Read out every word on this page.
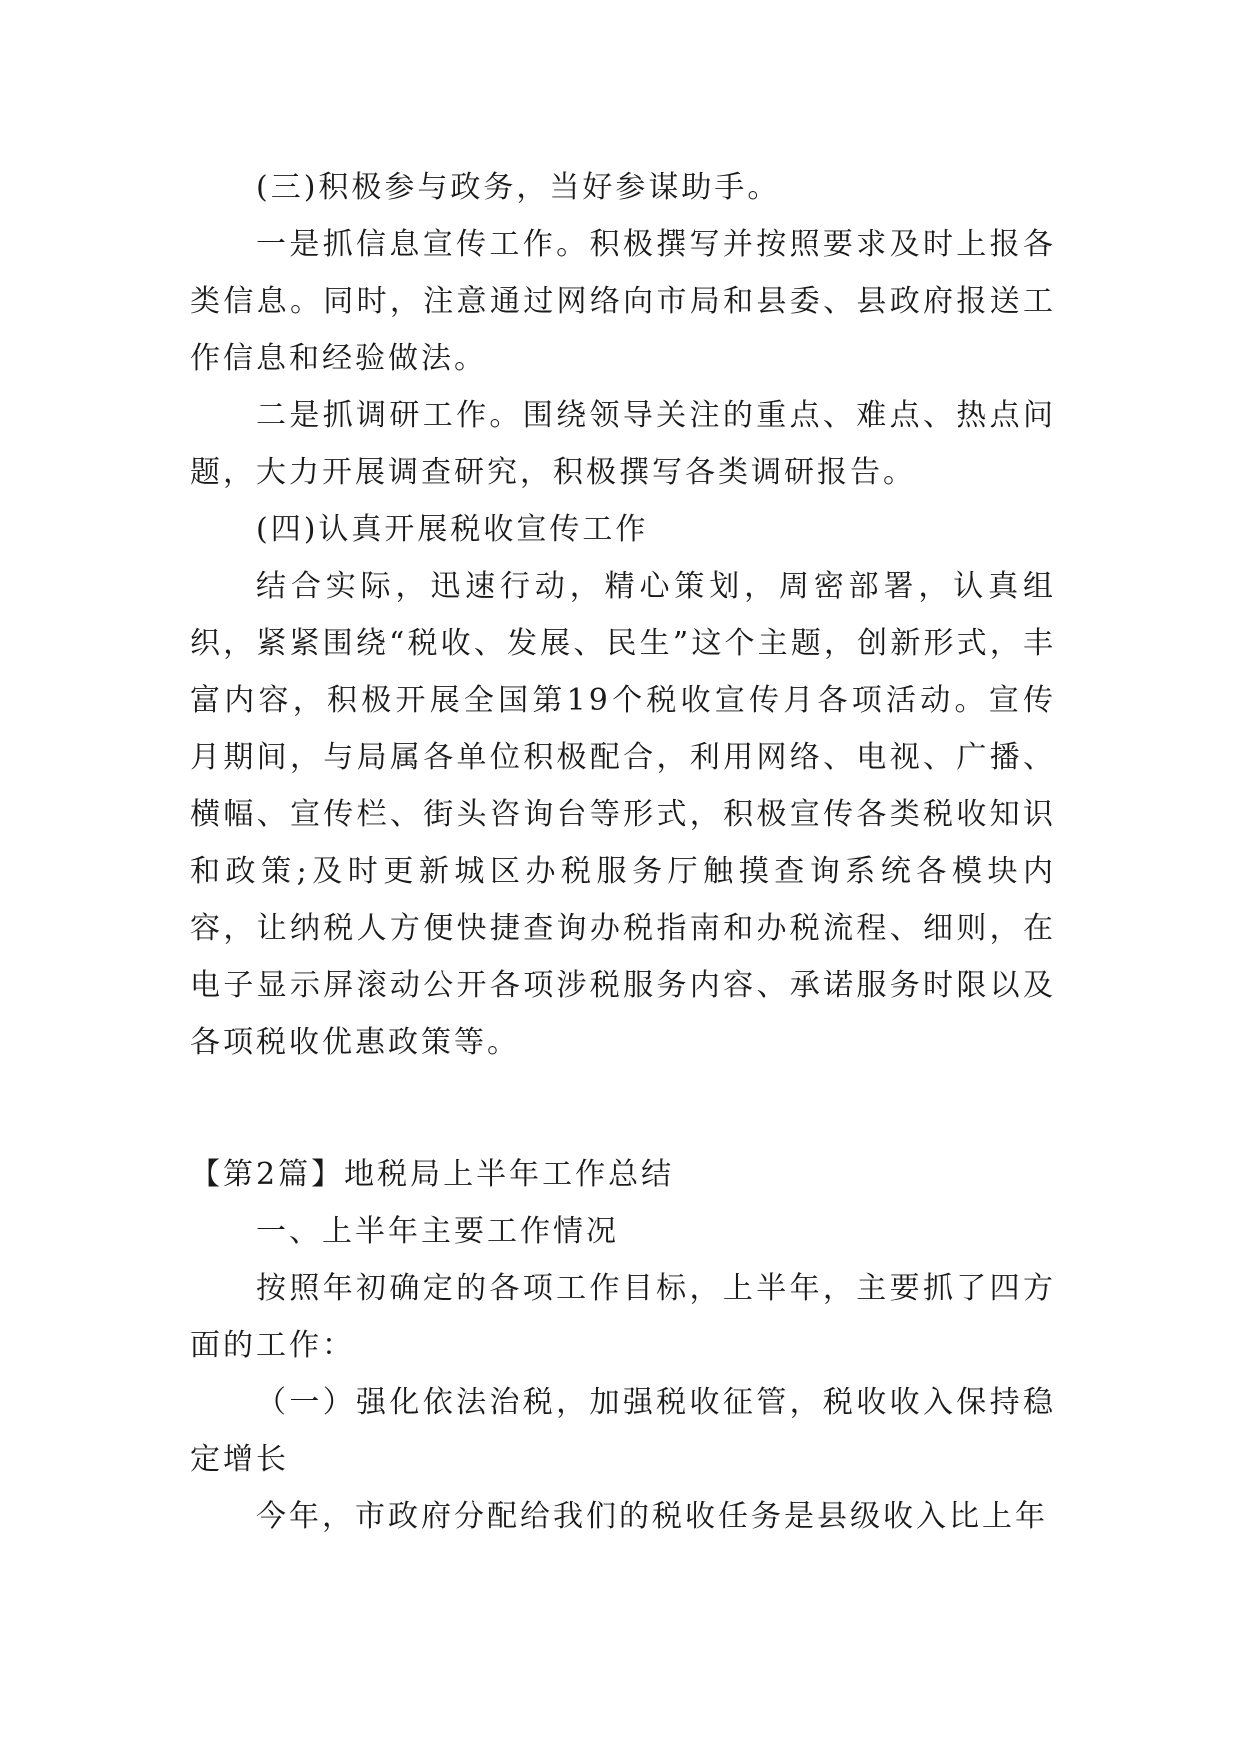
(三)积极参与政务，当好参谋助手。

一是抓信息宣传工作。积极撰写并按照要求及时上报各类信息。同时，注意通过网络向市局和县委、县政府报送工作信息和经验做法。

二是抓调研工作。围绕领导关注的重点、难点、热点问题，大力开展调查研究，积极撰写各类调研报告。

(四)认真开展税收宣传工作

结合实际，迅速行动，精心策划，周密部署，认真组织，紧紧围绕“税收、发展、民生”这个主题，创新形式，丰富内容，积极开展全国第19个税收宣传月各项活动。宣传月期间，与局属各单位积极配合，利用网络、电视、广播、横幅、宣传栏、街头咨询台等形式，积极宣传各类税收知识和政策;及时更新城区办税服务厅触摸查询系统各模块内容，让纳税人方便快捷查询办税指南和办税流程、细则，在电子显示屏滚动公开各项涉税服务内容、承诺服务时限以及各项税收优惠政策等。

【第2篇】地税局上半年工作总结

一、上半年主要工作情况

按照年初确定的各项工作目标，上半年，主要抓了四方面的工作：

（一）强化依法治税，加强税收征管，税收收入保持稳定增长

今年，市政府分配给我们的税收任务是县级收入比上年
